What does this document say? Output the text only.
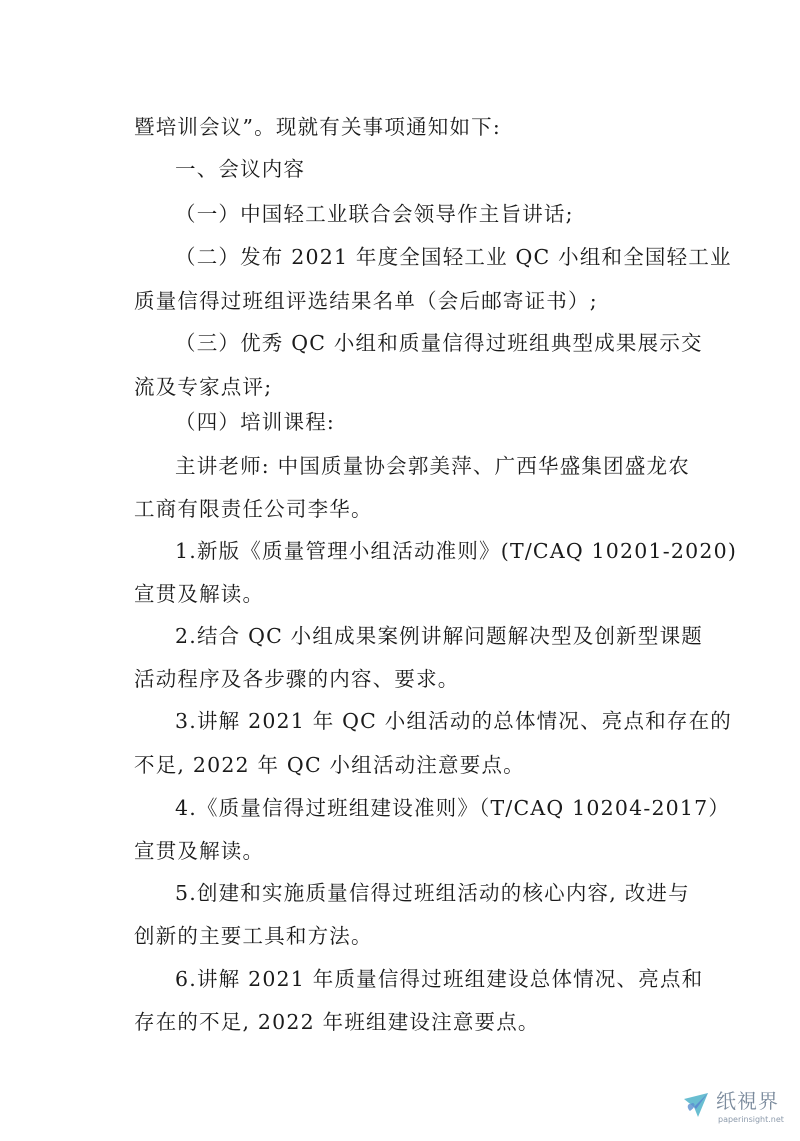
暨培训会议”。现就有关事项通知如下:
一、会议内容
（一）中国轻工业联合会领导作主旨讲话;
（二）发布 2021 年度全国轻工业 QC 小组和全国轻工业
质量信得过班组评选结果名单（会后邮寄证书）;
（三）优秀 QC 小组和质量信得过班组典型成果展示交
流及专家点评;
（四）培训课程:
主讲老师: 中国质量协会郭美萍、广西华盛集团盛龙农
工商有限责任公司李华。
1.新版《质量管理小组活动准则》(T/CAQ 10201-2020)
宣贯及解读。
2.结合 QC 小组成果案例讲解问题解决型及创新型课题
活动程序及各步骤的内容、要求。
3.讲解 2021 年 QC 小组活动的总体情况、亮点和存在的
不足, 2022 年 QC 小组活动注意要点。
4.《质量信得过班组建设准则》（T/CAQ 10204-2017）
宣贯及解读。
5.创建和实施质量信得过班组活动的核心内容, 改进与
创新的主要工具和方法。
6.讲解 2021 年质量信得过班组建设总体情况、亮点和
存在的不足, 2022 年班组建设注意要点。
纸視界
paperinsight.net
